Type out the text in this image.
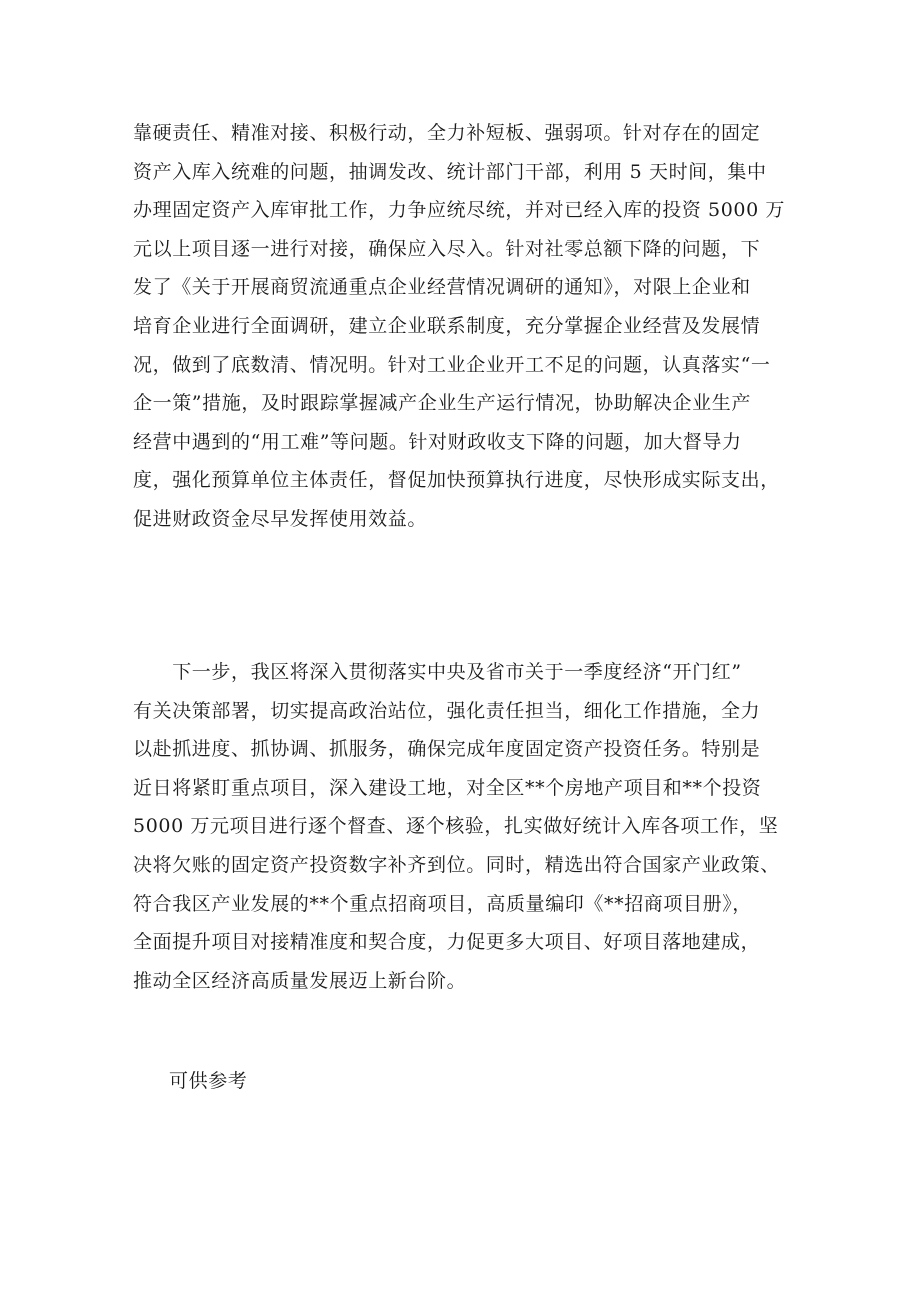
靠硬责任、精准对接、积极行动，全力补短板、强弱项。针对存在的固定
资产入库入统难的问题，抽调发改、统计部门干部，利用 5 天时间，集中
办理固定资产入库审批工作，力争应统尽统，并对已经入库的投资 5000 万
元以上项目逐一进行对接，确保应入尽入。针对社零总额下降的问题，下
发了《关于开展商贸流通重点企业经营情况调研的通知》，对限上企业和
培育企业进行全面调研，建立企业联系制度，充分掌握企业经营及发展情
况，做到了底数清、情况明。针对工业企业开工不足的问题，认真落实“一
企一策”措施，及时跟踪掌握减产企业生产运行情况，协助解决企业生产
经营中遇到的“用工难”等问题。针对财政收支下降的问题，加大督导力
度，强化预算单位主体责任，督促加快预算执行进度，尽快形成实际支出，
促进财政资金尽早发挥使用效益。
　　下一步，我区将深入贯彻落实中央及省市关于一季度经济“开门红”
有关决策部署，切实提高政治站位，强化责任担当，细化工作措施，全力
以赴抓进度、抓协调、抓服务，确保完成年度固定资产投资任务。特别是
近日将紧盯重点项目，深入建设工地，对全区**个房地产项目和**个投资
5000 万元项目进行逐个督查、逐个核验，扎实做好统计入库各项工作，坚
决将欠账的固定资产投资数字补齐到位。同时，精选出符合国家产业政策、
符合我区产业发展的**个重点招商项目，高质量编印《**招商项目册》，
全面提升项目对接精准度和契合度，力促更多大项目、好项目落地建成，
推动全区经济高质量发展迈上新台阶。
可供参考
